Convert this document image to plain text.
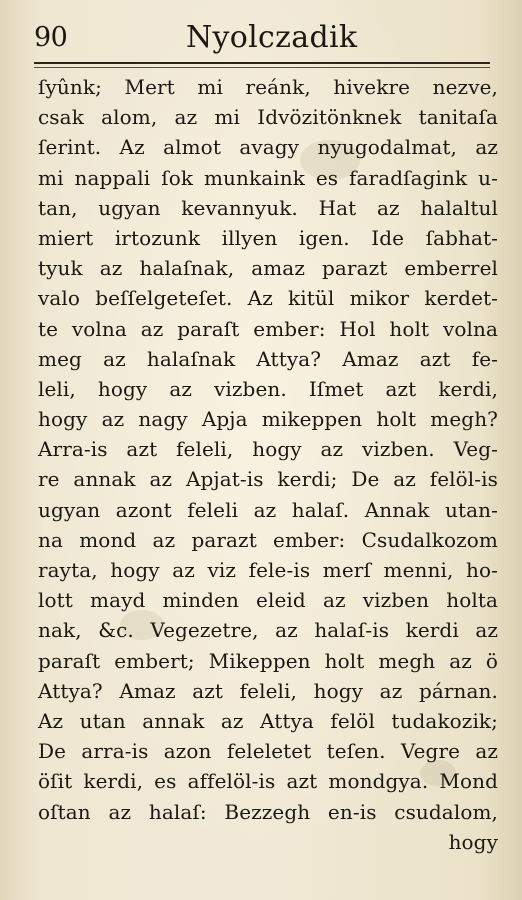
90	Nyolczadik
ſyûnk; Mert mi reánk, hivekre nezve,
csak alom, az mi Idvözitönknek tanitaſa
ſerint. Az almot avagy nyugodalmat, az
mi nappali ſok munkaink es faradſagink u-
tan, ugyan kevannyuk. Hat az halaltul
miert irtozunk illyen igen. Ide ſabhat-
tyuk az halaſnak, amaz parazt emberrel
valo beſſelgeteſet. Az kitül mikor kerdet-
te volna az paraſt ember: Hol holt volna
meg az halaſnak Attya? Amaz azt fe-
leli, hogy az vizben. Iſmet azt kerdi,
hogy az nagy Apja mikeppen holt megh?
Arra-is azt feleli, hogy az vizben. Veg-
re annak az Apjat-is kerdi; De az felöl-is
ugyan azont feleli az halaſ. Annak utan-
na mond az parazt ember: Csudalkozom
rayta, hogy az viz fele-is merſ menni, ho-
lott mayd minden eleid az vizben holta
nak, &c. Vegezetre, az halaſ-is kerdi az
paraſt embert; Mikeppen holt megh az ö
Attya? Amaz azt feleli, hogy az párnan.
Az utan annak az Attya felöl tudakozik;
De arra-is azon feleletet teſen. Vegre az
öſit kerdi, es affelöl-is azt mondgya. Mond
oſtan az halaſ: Bezzegh en-is csudalom,
hogy
